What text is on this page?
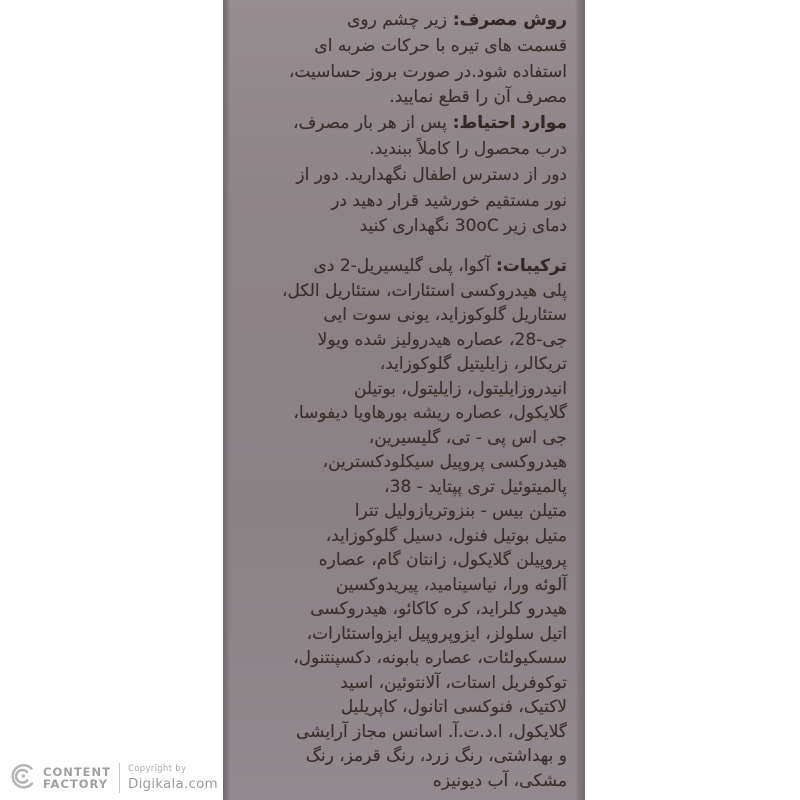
روش مصرف: زیر چشم روی
قسمت های تیره با حرکات ضربه ای
استفاده شود.در صورت بروز حساسیت،
مصرف آن را قطع نمایید.
موارد احتیاط: پس از هر بار مصرف،
درب محصول را کاملاً ببندید.
دور از دسترس اطفال نگهدارید. دور از
نور مستقیم خورشید قرار دهید در
دمای زیر ‎30oC‎ نگهداری کنید
ترکیبات: آکوا، پلی گلیسیریل-2 دی
پلی هیدروکسی استئارات، ستئاریل الکل،
ستئاریل گلوکوزاید، یونی سوت ایی
جی-28، عصاره هیدرولیز شده ویولا
تریکالر، زایلیتیل گلوکوزاید،
انیدروزایلیتول، زایلیتول، بوتیلن
گلایکول، عصاره ریشه بورهاویا دیفوسا،
جی اس پی - تی، گلیسیرین،
هیدروکسی پروپیل سیکلودکسترین،
پالمیتوئیل تری پپتاید - 38،
متیلن بیس - بنزوتریازولیل تترا
متیل بوتیل فنول، دسیل گلوکوزاید،
پروپیلن گلایکول، زانتان گام، عصاره
آلوئه ورا، نیاسینامید، پیریدوکسین
هیدرو کلراید، کره کاکائو، هیدروکسی
اتیل سلولز، ایزوپروپیل ایزواستئارات،
سسکیولئات، عصاره بابونه، دکسپنتنول،
توکوفریل استات، آلانتوئین، اسید
لاکتیک، فنوکسی اتانول، کاپریلیل
گلایکول، ا.د.ت.آ. اسانس مجاز آرایشی
و بهداشتی، رنگ زرد، رنگ قرمز، رنگ
مشکی، آب دیونیزه
CONTENT
FACTORY
Copyright by
Digikala.com
